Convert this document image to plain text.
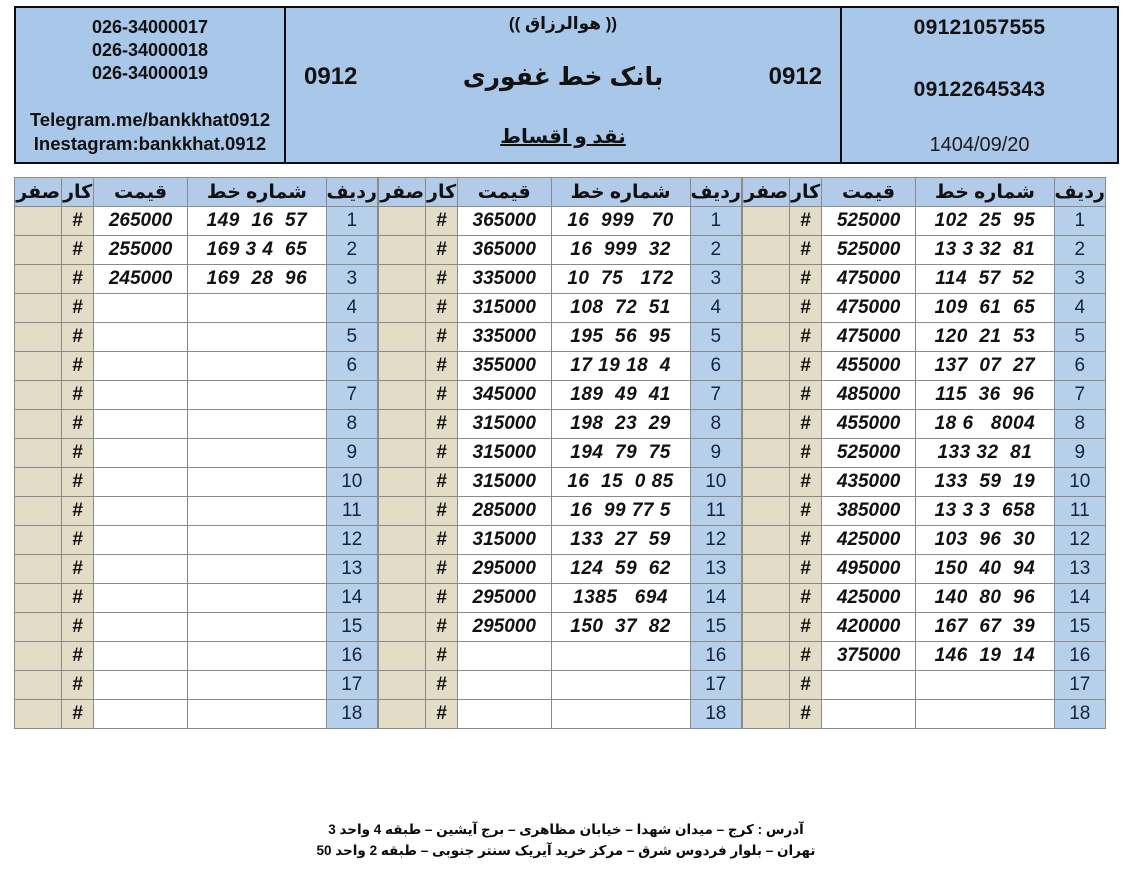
09121057555
09122645343
1404/09/20
(( هوالرزاق ))
0912
بانک خط غفوری
0912
نقد و اقساط
026-34000017
026-34000018
026-34000019
Telegram.me/bankkhat0912
Inestagram:bankkhat.0912
ردیف	شماره خط	قیمت	کار	صفر
1	102  25  95	525000	#	
2	13 3 32  81	525000	#	
3	114  57  52	475000	#	
4	109  61  65	475000	#	
5	120  21  53	475000	#	
6	137  07  27	455000	#	
7	115  36  96	485000	#	
8	18 6   8004	455000	#	
9	133 32  81	525000	#	
10	133  59  19	435000	#	
11	13 3 3  658	385000	#	
12	103  96  30	425000	#	
13	150  40  94	495000	#	
14	140  80  96	425000	#	
15	167  67  39	420000	#	
16	146  19  14	375000	#	
17			#	
18			#	
ردیف	شماره خط	قیمت	کار	صفر
1	16  999   70	365000	#	
2	16  999  32	365000	#	
3	10  75   172	335000	#	
4	108  72  51	315000	#	
5	195  56  95	335000	#	
6	17 19 18  4	355000	#	
7	189  49  41	345000	#	
8	198  23  29	315000	#	
9	194  79  75	315000	#	
10	16  15  0 85	315000	#	
11	16  99 77 5	285000	#	
12	133  27  59	315000	#	
13	124  59  62	295000	#	
14	1385   694	295000	#	
15	150  37  82	295000	#	
16			#	
17			#	
18			#	
ردیف	شماره خط	قیمت	کار	صفر
1	149  16  57	265000	#	
2	169 3 4  65	255000	#	
3	169  28  96	245000	#	
4			#	
5			#	
6			#	
7			#	
8			#	
9			#	
10			#	
11			#	
12			#	
13			#	
14			#	
15			#	
16			#	
17			#	
18			#	
آدرس : کرج – میدان شهدا – خیابان مظاهری – برج آیشین – طبقه 4 واحد 3
تهران – بلوار فردوس شرق – مرکز خرید آیریک سنتر جنوبی – طبقه 2 واحد 50
